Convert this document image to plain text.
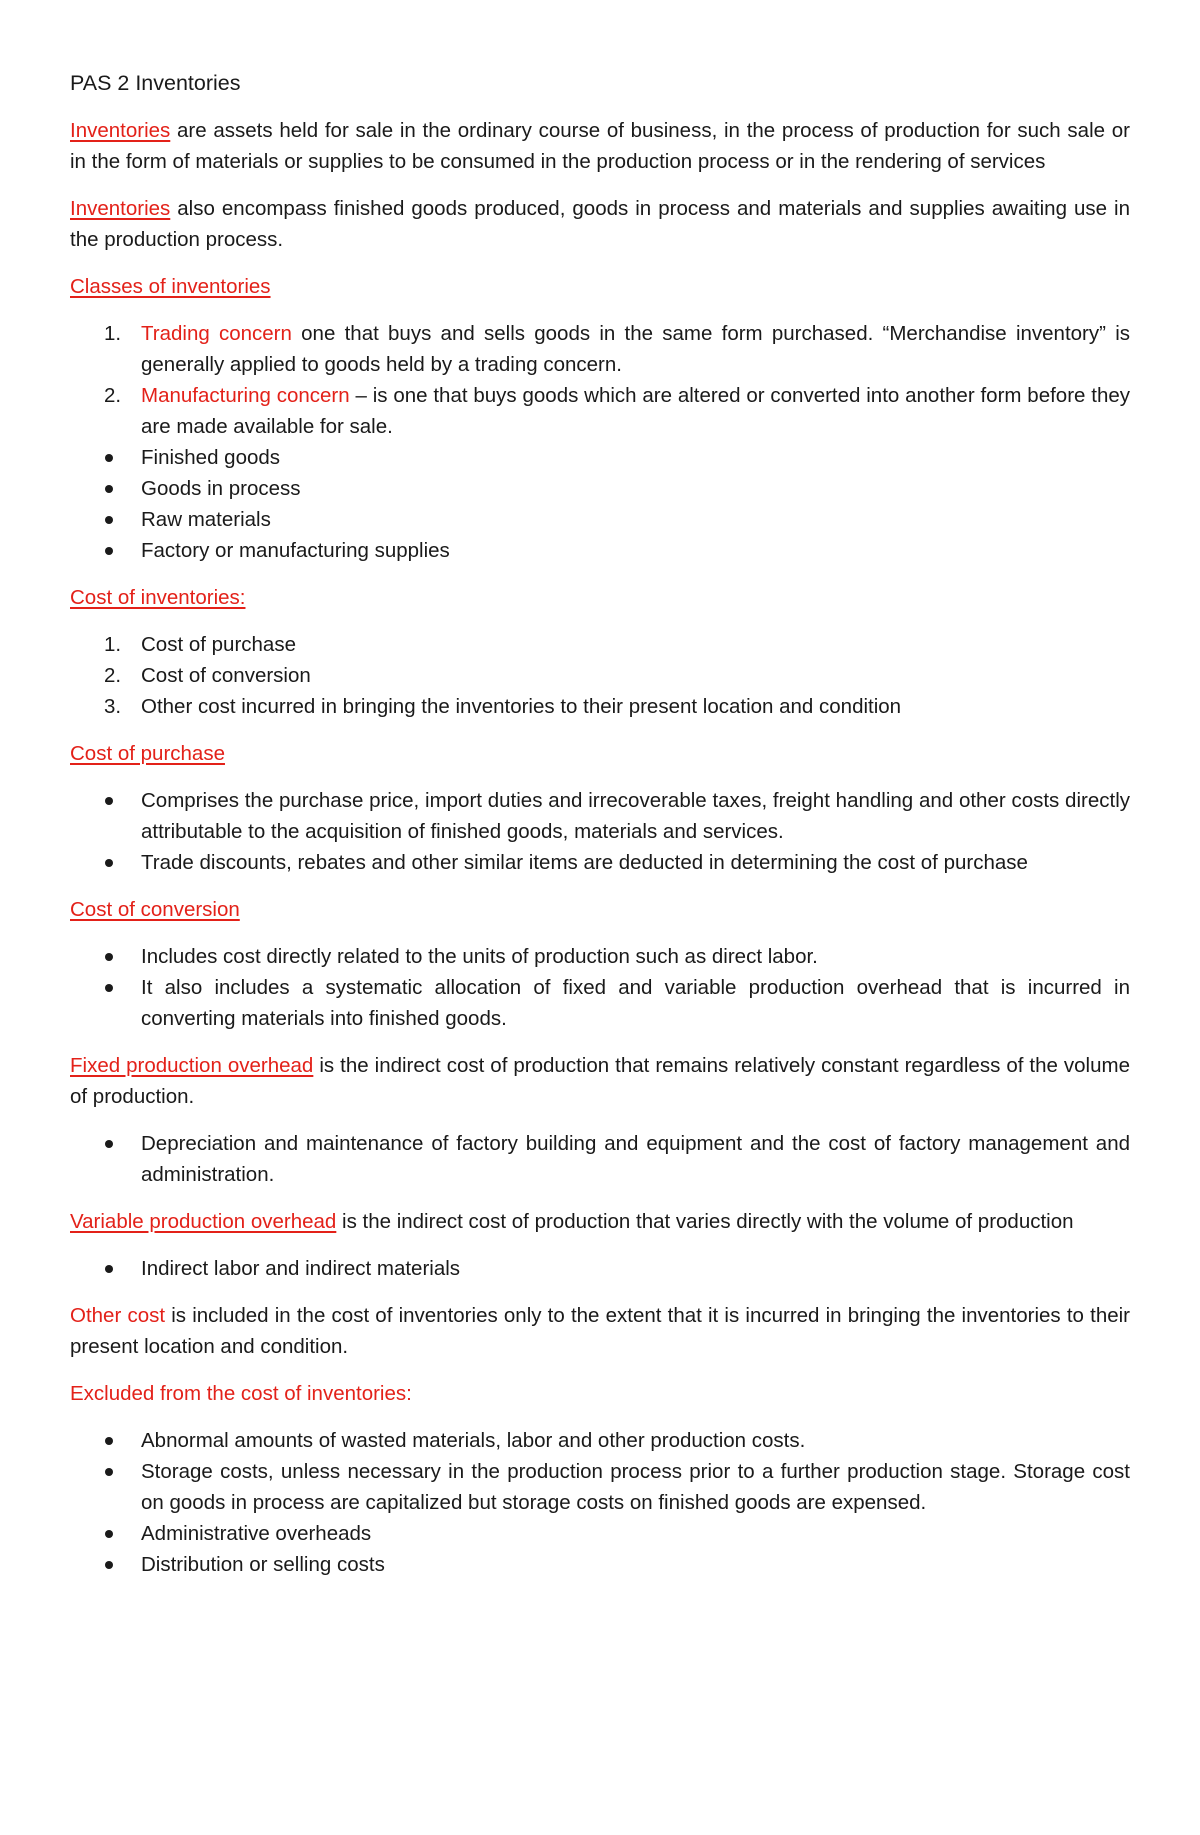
PAS 2 Inventories

Inventories are assets held for sale in the ordinary course of business, in the process of production for such sale or in the form of materials or supplies to be consumed in the production process or in the rendering of services

Inventories also encompass finished goods produced, goods in process and materials and supplies awaiting use in the production process.

Classes of inventories
1. Trading concern one that buys and sells goods in the same form purchased. “Merchandise inventory” is generally applied to goods held by a trading concern.
2. Manufacturing concern – is one that buys goods which are altered or converted into another form before they are made available for sale.
Finished goods
Goods in process
Raw materials
Factory or manufacturing supplies
Cost of inventories:
1. Cost of purchase
2. Cost of conversion
3. Other cost incurred in bringing the inventories to their present location and condition
Cost of purchase
Comprises the purchase price, import duties and irrecoverable taxes, freight handling and other costs directly attributable to the acquisition of finished goods, materials and services.
Trade discounts, rebates and other similar items are deducted in determining the cost of purchase
Cost of conversion
Includes cost directly related to the units of production such as direct labor.
It also includes a systematic allocation of fixed and variable production overhead that is incurred in converting materials into finished goods.

Fixed production overhead is the indirect cost of production that remains relatively constant regardless of the volume of production.

Depreciation and maintenance of factory building and equipment and the cost of factory management and administration.

Variable production overhead is the indirect cost of production that varies directly with the volume of production

Indirect labor and indirect materials

Other cost is included in the cost of inventories only to the extent that it is incurred in bringing the inventories to their present location and condition.

Excluded from the cost of inventories:
Abnormal amounts of wasted materials, labor and other production costs.
Storage costs, unless necessary in the production process prior to a further production stage. Storage cost on goods in process are capitalized but storage costs on finished goods are expensed.
Administrative overheads
Distribution or selling costs
